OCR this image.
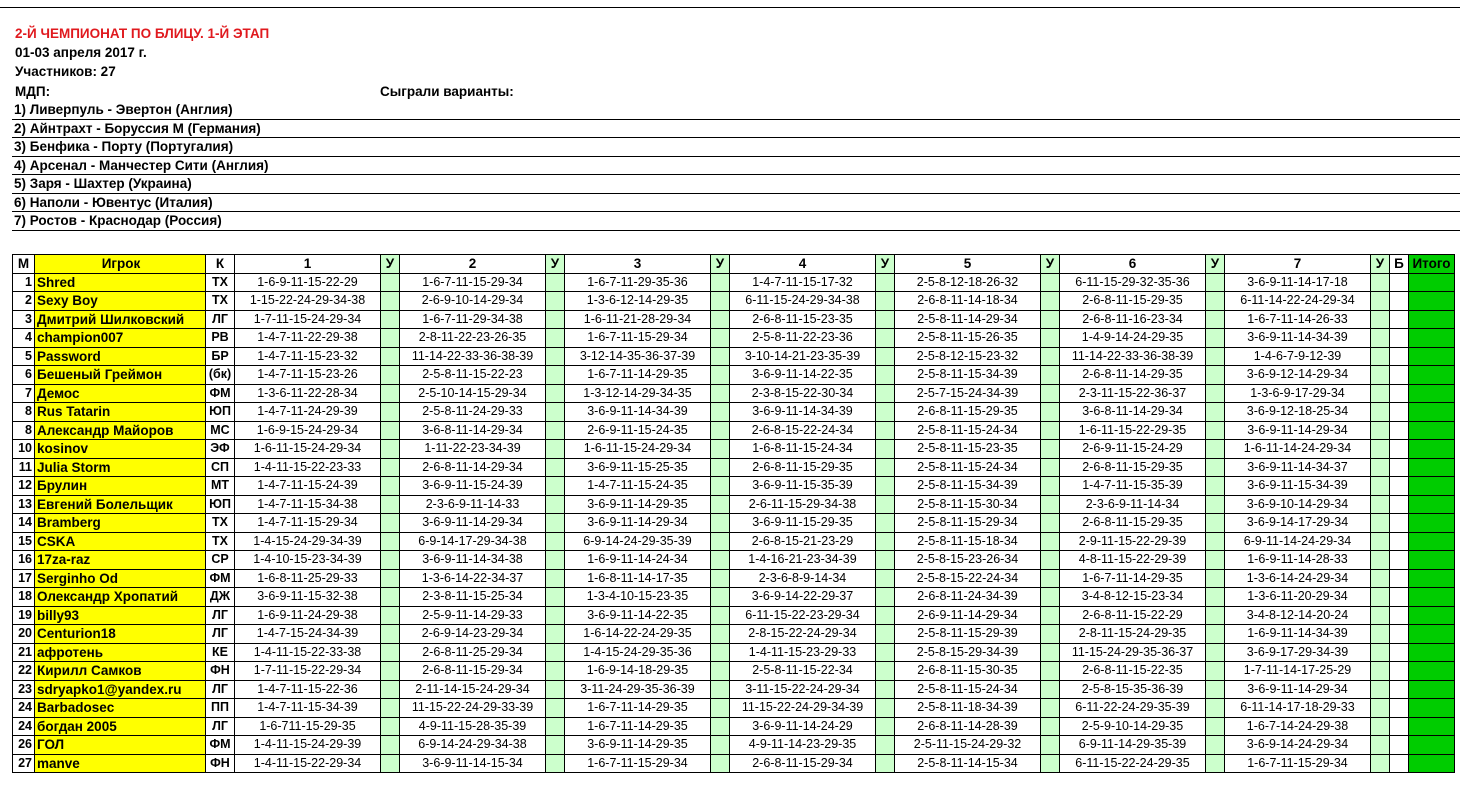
2-Й ЧЕМПИОНАТ ПО БЛИЦУ. 1-Й ЭТАП
01-03 апреля 2017 г.
Участников: 27
МДП:	Сыграли варианты:
1) Ливерпуль - Эвертон (Англия)
2) Айнтрахт - Боруссия М (Германия)
3) Бенфика - Порту (Португалия)
4) Арсенал - Манчестер Сити (Англия)
5) Заря - Шахтер (Украина)
6) Наполи - Ювентус (Италия)
7) Ростов - Краснодар (Россия)
М	Игрок	К	1	У	2	У	3	У	4	У	5	У	6	У	7	У	Б	Итого
1	Shred	ТХ	1-6-9-11-15-22-29		1-6-7-11-15-29-34		1-6-7-11-29-35-36		1-4-7-11-15-17-32		2-5-8-12-18-26-32		6-11-15-29-32-35-36		3-6-9-11-14-17-18			
2	Sexy Boy	ТХ	1-15-22-24-29-34-38		2-6-9-10-14-29-34		1-3-6-12-14-29-35		6-11-15-24-29-34-38		2-6-8-11-14-18-34		2-6-8-11-15-29-35		6-11-14-22-24-29-34			
3	Дмитрий Шилковский	ЛГ	1-7-11-15-24-29-34		1-6-7-11-29-34-38		1-6-11-21-28-29-34		2-6-8-11-15-23-35		2-5-8-11-14-29-34		2-6-8-11-16-23-34		1-6-7-11-14-26-33			
4	champion007	РВ	1-4-7-11-22-29-38		2-8-11-22-23-26-35		1-6-7-11-15-29-34		2-5-8-11-22-23-36		2-5-8-11-15-26-35		1-4-9-14-24-29-35		3-6-9-11-14-34-39			
5	Password	БР	1-4-7-11-15-23-32		11-14-22-33-36-38-39		3-12-14-35-36-37-39		3-10-14-21-23-35-39		2-5-8-12-15-23-32		11-14-22-33-36-38-39		1-4-6-7-9-12-39			
6	Бешеный Греймон	(бк)	1-4-7-11-15-23-26		2-5-8-11-15-22-23		1-6-7-11-14-29-35		3-6-9-11-14-22-35		2-5-8-11-15-34-39		2-6-8-11-14-29-35		3-6-9-12-14-29-34			
7	Демос	ФМ	1-3-6-11-22-28-34		2-5-10-14-15-29-34		1-3-12-14-29-34-35		2-3-8-15-22-30-34		2-5-7-15-24-34-39		2-3-11-15-22-36-37		1-3-6-9-17-29-34			
8	Rus Tatarin	ЮП	1-4-7-11-24-29-39		2-5-8-11-24-29-33		3-6-9-11-14-34-39		3-6-9-11-14-34-39		2-6-8-11-15-29-35		3-6-8-11-14-29-34		3-6-9-12-18-25-34			
8	Александр Майоров	МС	1-6-9-15-24-29-34		3-6-8-11-14-29-34		2-6-9-11-15-24-35		2-6-8-15-22-24-34		2-5-8-11-15-24-34		1-6-11-15-22-29-35		3-6-9-11-14-29-34			
10	kosinov	ЭФ	1-6-11-15-24-29-34		1-11-22-23-34-39		1-6-11-15-24-29-34		1-6-8-11-15-24-34		2-5-8-11-15-23-35		2-6-9-11-15-24-29		1-6-11-14-24-29-34			
11	Julia Storm	СП	1-4-11-15-22-23-33		2-6-8-11-14-29-34		3-6-9-11-15-25-35		2-6-8-11-15-29-35		2-5-8-11-15-24-34		2-6-8-11-15-29-35		3-6-9-11-14-34-37			
12	Брулин	МТ	1-4-7-11-15-24-39		3-6-9-11-15-24-39		1-4-7-11-15-24-35		3-6-9-11-15-35-39		2-5-8-11-15-34-39		1-4-7-11-15-35-39		3-6-9-11-15-34-39			
13	Евгений Болельщик	ЮП	1-4-7-11-15-34-38		2-3-6-9-11-14-33		3-6-9-11-14-29-35		2-6-11-15-29-34-38		2-5-8-11-15-30-34		2-3-6-9-11-14-34		3-6-9-10-14-29-34			
14	Bramberg	ТХ	1-4-7-11-15-29-34		3-6-9-11-14-29-34		3-6-9-11-14-29-34		3-6-9-11-15-29-35		2-5-8-11-15-29-34		2-6-8-11-15-29-35		3-6-9-14-17-29-34			
15	CSKA	ТХ	1-4-15-24-29-34-39		6-9-14-17-29-34-38		6-9-14-24-29-35-39		2-6-8-15-21-23-29		2-5-8-11-15-18-34		2-9-11-15-22-29-39		6-9-11-14-24-29-34			
16	17za-raz	СР	1-4-10-15-23-34-39		3-6-9-11-14-34-38		1-6-9-11-14-24-34		1-4-16-21-23-34-39		2-5-8-15-23-26-34		4-8-11-15-22-29-39		1-6-9-11-14-28-33			
17	Serginho Od	ФМ	1-6-8-11-25-29-33		1-3-6-14-22-34-37		1-6-8-11-14-17-35		2-3-6-8-9-14-34		2-5-8-15-22-24-34		1-6-7-11-14-29-35		1-3-6-14-24-29-34			
18	Олександр Хропатий	ДЖ	3-6-9-11-15-32-38		2-3-8-11-15-25-34		1-3-4-10-15-23-35		3-6-9-14-22-29-37		2-6-8-11-24-34-39		3-4-8-12-15-23-34		1-3-6-11-20-29-34			
19	billy93	ЛГ	1-6-9-11-24-29-38		2-5-9-11-14-29-33		3-6-9-11-14-22-35		6-11-15-22-23-29-34		2-6-9-11-14-29-34		2-6-8-11-15-22-29		3-4-8-12-14-20-24			
20	Centurion18	ЛГ	1-4-7-15-24-34-39		2-6-9-14-23-29-34		1-6-14-22-24-29-35		2-8-15-22-24-29-34		2-5-8-11-15-29-39		2-8-11-15-24-29-35		1-6-9-11-14-34-39			
21	афротень	КЕ	1-4-11-15-22-33-38		2-6-8-11-25-29-34		1-4-15-24-29-35-36		1-4-11-15-23-29-33		2-5-8-15-29-34-39		11-15-24-29-35-36-37		3-6-9-17-29-34-39			
22	Кирилл Самков	ФН	1-7-11-15-22-29-34		2-6-8-11-15-29-34		1-6-9-14-18-29-35		2-5-8-11-15-22-34		2-6-8-11-15-30-35		2-6-8-11-15-22-35		1-7-11-14-17-25-29			
23	sdryapko1@yandex.ru	ЛГ	1-4-7-11-15-22-36		2-11-14-15-24-29-34		3-11-24-29-35-36-39		3-11-15-22-24-29-34		2-5-8-11-15-24-34		2-5-8-15-35-36-39		3-6-9-11-14-29-34			
24	Barbadosec	ПП	1-4-7-11-15-34-39		11-15-22-24-29-33-39		1-6-7-11-14-29-35		11-15-22-24-29-34-39		2-5-8-11-18-34-39		6-11-22-24-29-35-39		6-11-14-17-18-29-33			
24	богдан 2005	ЛГ	1-6-711-15-29-35		4-9-11-15-28-35-39		1-6-7-11-14-29-35		3-6-9-11-14-24-29		2-6-8-11-14-28-39		2-5-9-10-14-29-35		1-6-7-14-24-29-38			
26	ГОЛ	ФМ	1-4-11-15-24-29-39		6-9-14-24-29-34-38		3-6-9-11-14-29-35		4-9-11-14-23-29-35		2-5-11-15-24-29-32		6-9-11-14-29-35-39		3-6-9-14-24-29-34			
27	manve	ФН	1-4-11-15-22-29-34		3-6-9-11-14-15-34		1-6-7-11-15-29-34		2-6-8-11-15-29-34		2-5-8-11-14-15-34		6-11-15-22-24-29-35		1-6-7-11-15-29-34			
